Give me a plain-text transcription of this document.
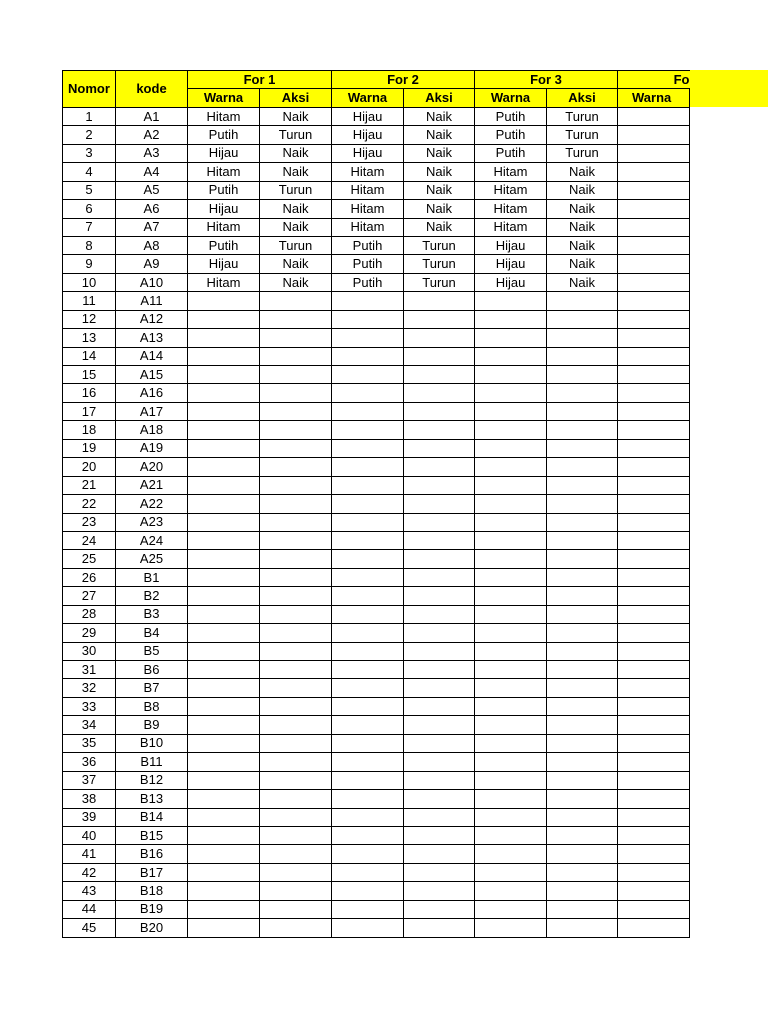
Nomor	kode	For 1		For 2		For 3		Fo
		Warna	Aksi	Warna	Aksi	Warna	Aksi	Warna
1	A1	Hitam	Naik	Hijau	Naik	Putih	Turun	
2	A2	Putih	Turun	Hijau	Naik	Putih	Turun	
3	A3	Hijau	Naik	Hijau	Naik	Putih	Turun	
4	A4	Hitam	Naik	Hitam	Naik	Hitam	Naik	
5	A5	Putih	Turun	Hitam	Naik	Hitam	Naik	
6	A6	Hijau	Naik	Hitam	Naik	Hitam	Naik	
7	A7	Hitam	Naik	Hitam	Naik	Hitam	Naik	
8	A8	Putih	Turun	Putih	Turun	Hijau	Naik	
9	A9	Hijau	Naik	Putih	Turun	Hijau	Naik	
10	A10	Hitam	Naik	Putih	Turun	Hijau	Naik	
11	A11							
12	A12							
13	A13							
14	A14							
15	A15							
16	A16							
17	A17							
18	A18							
19	A19							
20	A20							
21	A21							
22	A22							
23	A23							
24	A24							
25	A25							
26	B1							
27	B2							
28	B3							
29	B4							
30	B5							
31	B6							
32	B7							
33	B8							
34	B9							
35	B10							
36	B11							
37	B12							
38	B13							
39	B14							
40	B15							
41	B16							
42	B17							
43	B18							
44	B19							
45	B20							
